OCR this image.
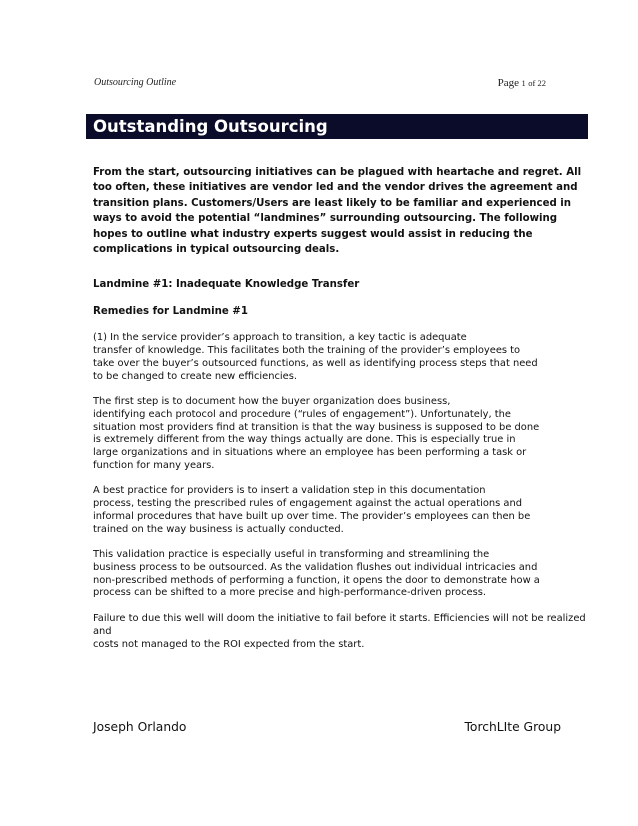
Outsourcing Outline	Page 1 of 22
Outstanding Outsourcing

From the start, outsourcing initiatives can be plagued with heartache and regret. All too often, these initiatives are vendor led and the vendor drives the agreement and transition plans. Customers/Users are least likely to be familiar and experienced in ways to avoid the potential “landmines” surrounding outsourcing. The following hopes to outline what industry experts suggest would assist in reducing the complications in typical outsourcing deals.

Landmine #1: Inadequate Knowledge Transfer

Remedies for Landmine #1

(1) In the service provider’s approach to transition, a key tactic is adequate
transfer of knowledge. This facilitates both the training of the provider’s employees to
take over the buyer’s outsourced functions, as well as identifying process steps that need
to be changed to create new efficiencies.

The first step is to document how the buyer organization does business,
identifying each protocol and procedure (“rules of engagement”). Unfortunately, the
situation most providers find at transition is that the way business is supposed to be done
is extremely different from the way things actually are done. This is especially true in
large organizations and in situations where an employee has been performing a task or
function for many years.

A best practice for providers is to insert a validation step in this documentation
process, testing the prescribed rules of engagement against the actual operations and
informal procedures that have built up over time. The provider’s employees can then be
trained on the way business is actually conducted.

This validation practice is especially useful in transforming and streamlining the
business process to be outsourced. As the validation flushes out individual intricacies and
non-prescribed methods of performing a function, it opens the door to demonstrate how a
process can be shifted to a more precise and high-performance-driven process.

Failure to due this well will doom the initiative to fail before it starts. Efficiencies will not be realized and
costs not managed to the ROI expected from the start.

Joseph Orlando	TorchLIte Group
